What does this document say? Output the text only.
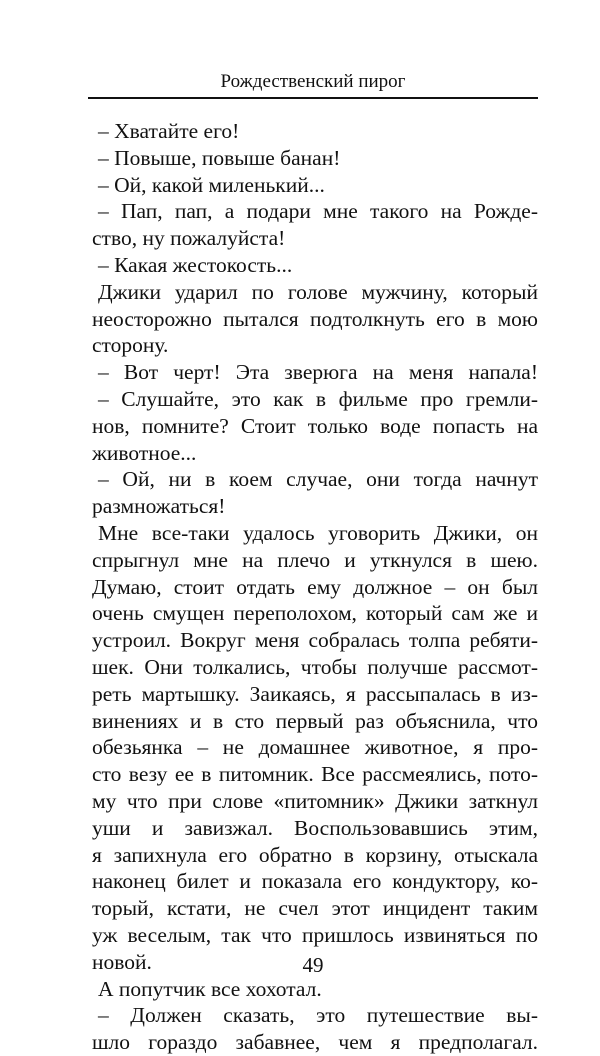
Рождественский пирог
– Хватайте его!
– Повыше, повыше банан!
– Ой, какой миленький...
– Пап, пап, а подари мне такого на Рожде-
ство, ну пожалуйста!
– Какая жестокость...
Джики ударил по голове мужчину, который
неосторожно пытался подтолкнуть его в мою
сторону.
– Вот черт! Эта зверюга на меня напала!
– Слушайте, это как в фильме про гремли-
нов, помните? Стоит только воде попасть на
животное...
– Ой, ни в коем случае, они тогда начнут
размножаться!
Мне все-таки удалось уговорить Джики, он
спрыгнул мне на плечо и уткнулся в шею.
Думаю, стоит отдать ему должное – он был
очень смущен переполохом, который сам же и
устроил. Вокруг меня собралась толпа ребяти-
шек. Они толкались, чтобы получше рассмот-
реть мартышку. Заикаясь, я рассыпалась в из-
винениях и в сто первый раз объяснила, что
обезьянка – не домашнее животное, я про-
сто везу ее в питомник. Все рассмеялись, пото-
му что при слове «питомник» Джики заткнул
уши и завизжал. Воспользовавшись этим,
я запихнула его обратно в корзину, отыскала
наконец билет и показала его кондуктору, ко-
торый, кстати, не счел этот инцидент таким
уж веселым, так что пришлось извиняться по
новой.
А попутчик все хохотал.
– Должен сказать, это путешествие вы-
шло гораздо забавнее, чем я предполагал.
49
